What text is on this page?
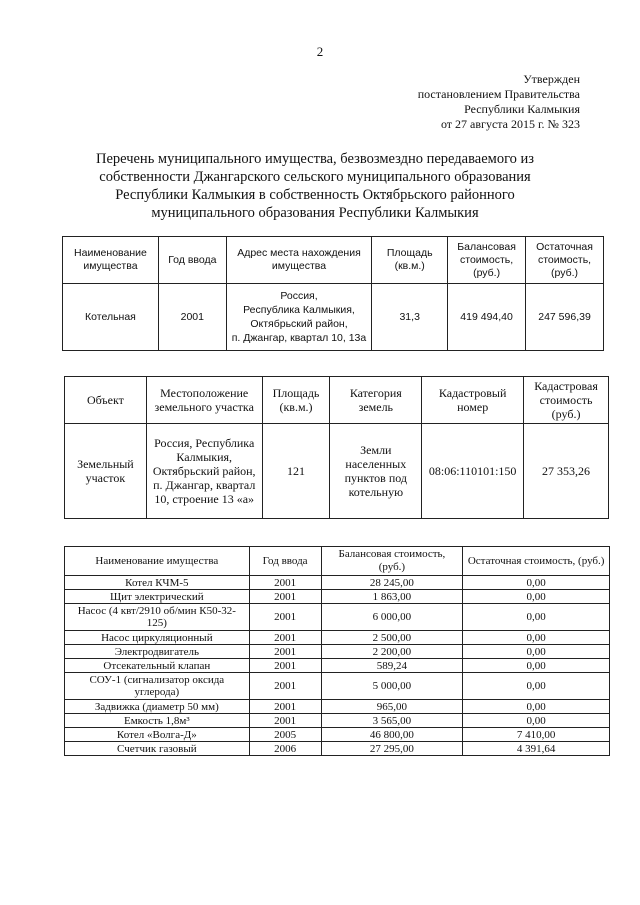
2
Утвержден
постановлением Правительства
Республики Калмыкия
от 27 августа 2015 г. № 323
Перечень муниципального имущества, безвозмездно передаваемого из
собственности Джангарского сельского муниципального образования
Республики Калмыкия в собственность Октябрьского районного
муниципального образования Республики Калмыкия
Наименование имущества	Год ввода	Адрес места нахождения имущества	Площадь (кв.м.)	Балансовая стоимость, (руб.)	Остаточная стоимость, (руб.)
Котельная	2001	Россия,
Республика Калмыкия,
Октябрьский район,
п. Джангар, квартал 10, 13а	31,3	419 494,40	247 596,39
Объект	Местоположение земельного участка	Площадь (кв.м.)	Категория земель	Кадастровый номер	Кадастровая стоимость (руб.)
Земельный участок	Россия, Республика Калмыкия, Октябрьский район, п. Джангар, квартал 10, строение 13 «а»	121	Земли населенных пунктов под котельную	08:06:110101:150	27 353,26
Наименование имущества	Год ввода	Балансовая стоимость, (руб.)	Остаточная стоимость, (руб.)
Котел КЧМ-5	2001	28 245,00	0,00
Щит электрический	2001	1 863,00	0,00
Насос (4 квт/2910 об/мин К50-32-125)	2001	6 000,00	0,00
Насос циркуляционный	2001	2 500,00	0,00
Электродвигатель	2001	2 200,00	0,00
Отсекательный клапан	2001	589,24	0,00
СОУ-1 (сигнализатор оксида углерода)	2001	5 000,00	0,00
Задвижка (диаметр 50 мм)	2001	965,00	0,00
Емкость 1,8м³	2001	3 565,00	0,00
Котел «Волга-Д»	2005	46 800,00	7 410,00
Счетчик газовый	2006	27 295,00	4 391,64
